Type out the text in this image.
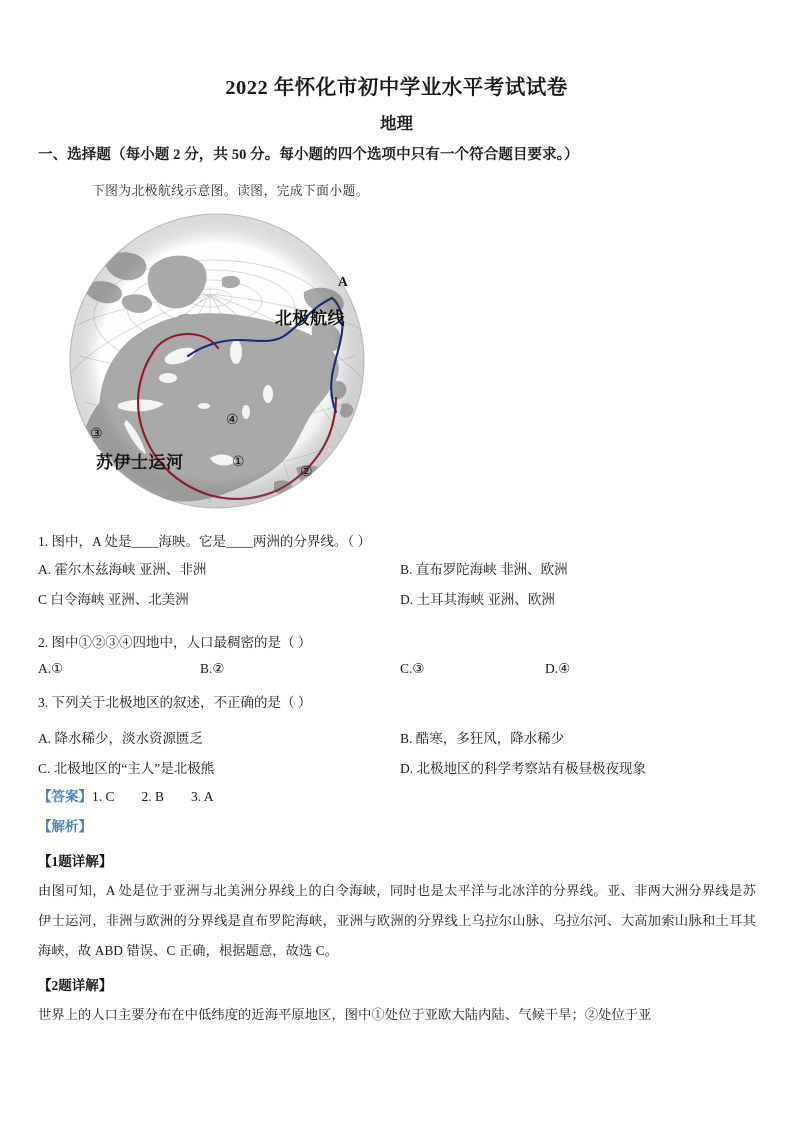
2022 年怀化市初中学业水平考试试卷
地理
一、选择题（每小题 2 分，共 50 分。每小题的四个选项中只有一个符合题目要求。）
下图为北极航线示意图。读图，完成下面小题。
A
北极航线
③
苏伊士运河
④
①
②
1. 图中，A 处是____海映。它是____两洲的分界线。（ ）
A. 霍尔木兹海峡 亚洲、非洲	B. 直布罗陀海峡 非洲、欧洲
C 白令海峡 亚洲、北美洲	D. 土耳其海峡 亚洲、欧洲
2. 图中①②③④四地中，人口最稠密的是（ ）
A.①	B.②	C.③	D.④
3. 下列关于北极地区的叙述，不正确的是（ ）
A. 降水稀少，淡水资源匮乏	B. 酷寒，多狂风，降水稀少
C. 北极地区的“主人”是北极熊	D. 北极地区的科学考察站有极昼极夜现象
【答案】1. C　　2. B　　3. A
【解析】
【1题详解】
由图可知，A 处是位于亚洲与北美洲分界线上的白令海峡，同时也是太平洋与北冰洋的分界线。亚、非两大洲分界线是苏伊士运河，非洲与欧洲的分界线是直布罗陀海峡，亚洲与欧洲的分界线上乌拉尔山脉、乌拉尔河、大高加索山脉和土耳其海峡，故 ABD 错误、C 正确，根据题意，故选 C。
【2题详解】
世界上的人口主要分布在中低纬度的近海平原地区，图中①处位于亚欧大陆内陆、气候干旱；②处位于亚
